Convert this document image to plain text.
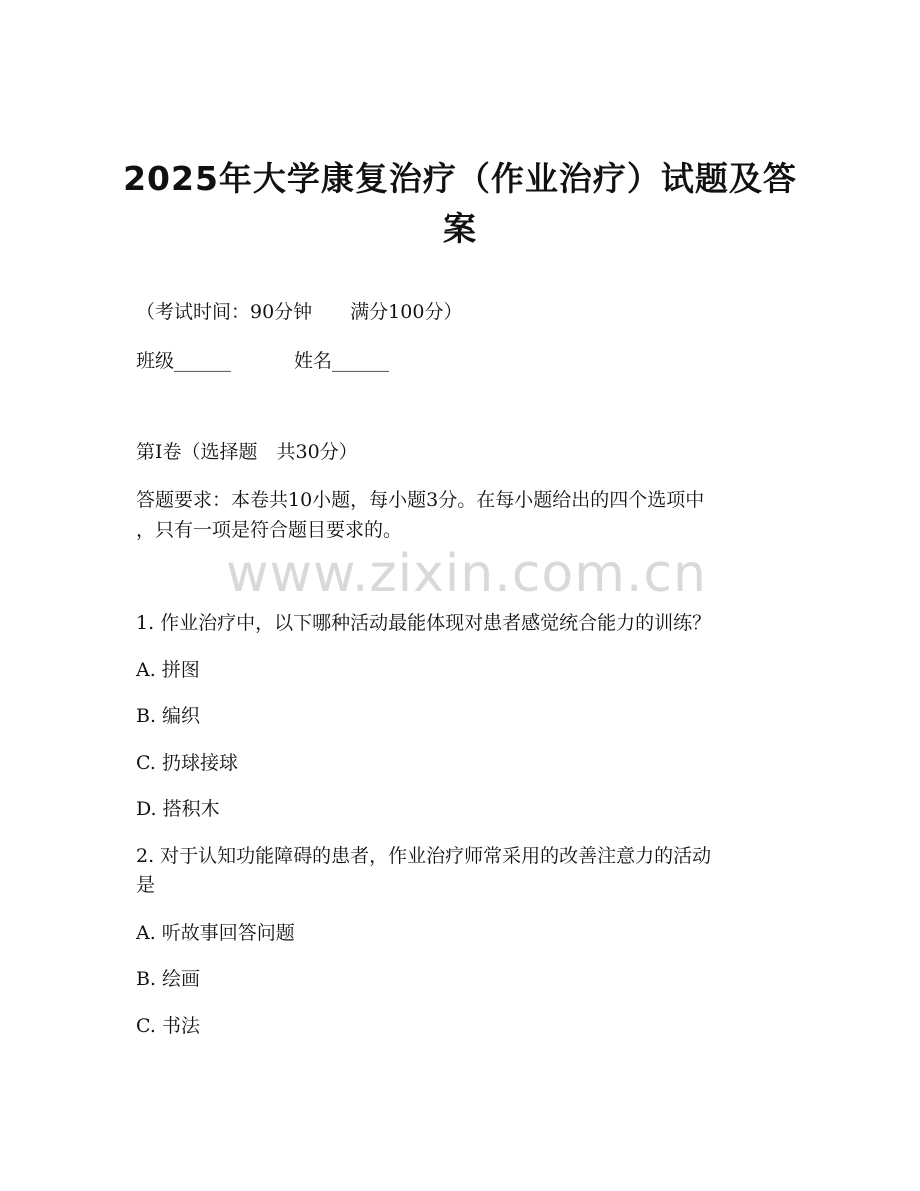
2025年大学康复治疗（作业治疗）试题及答
案

（考试时间：90分钟　　满分100分）

班级______	姓名______

第I卷（选择题　共30分）

答题要求：本卷共10小题，每小题3分。在每小题给出的四个选项中

，只有一项是符合题目要求的。

www.zixin.com.cn

1. 作业治疗中，以下哪种活动最能体现对患者感觉统合能力的训练？

A. 拼图

B. 编织

C. 扔球接球

D. 搭积木

2. 对于认知功能障碍的患者，作业治疗师常采用的改善注意力的活动

是

A. 听故事回答问题

B. 绘画

C. 书法
